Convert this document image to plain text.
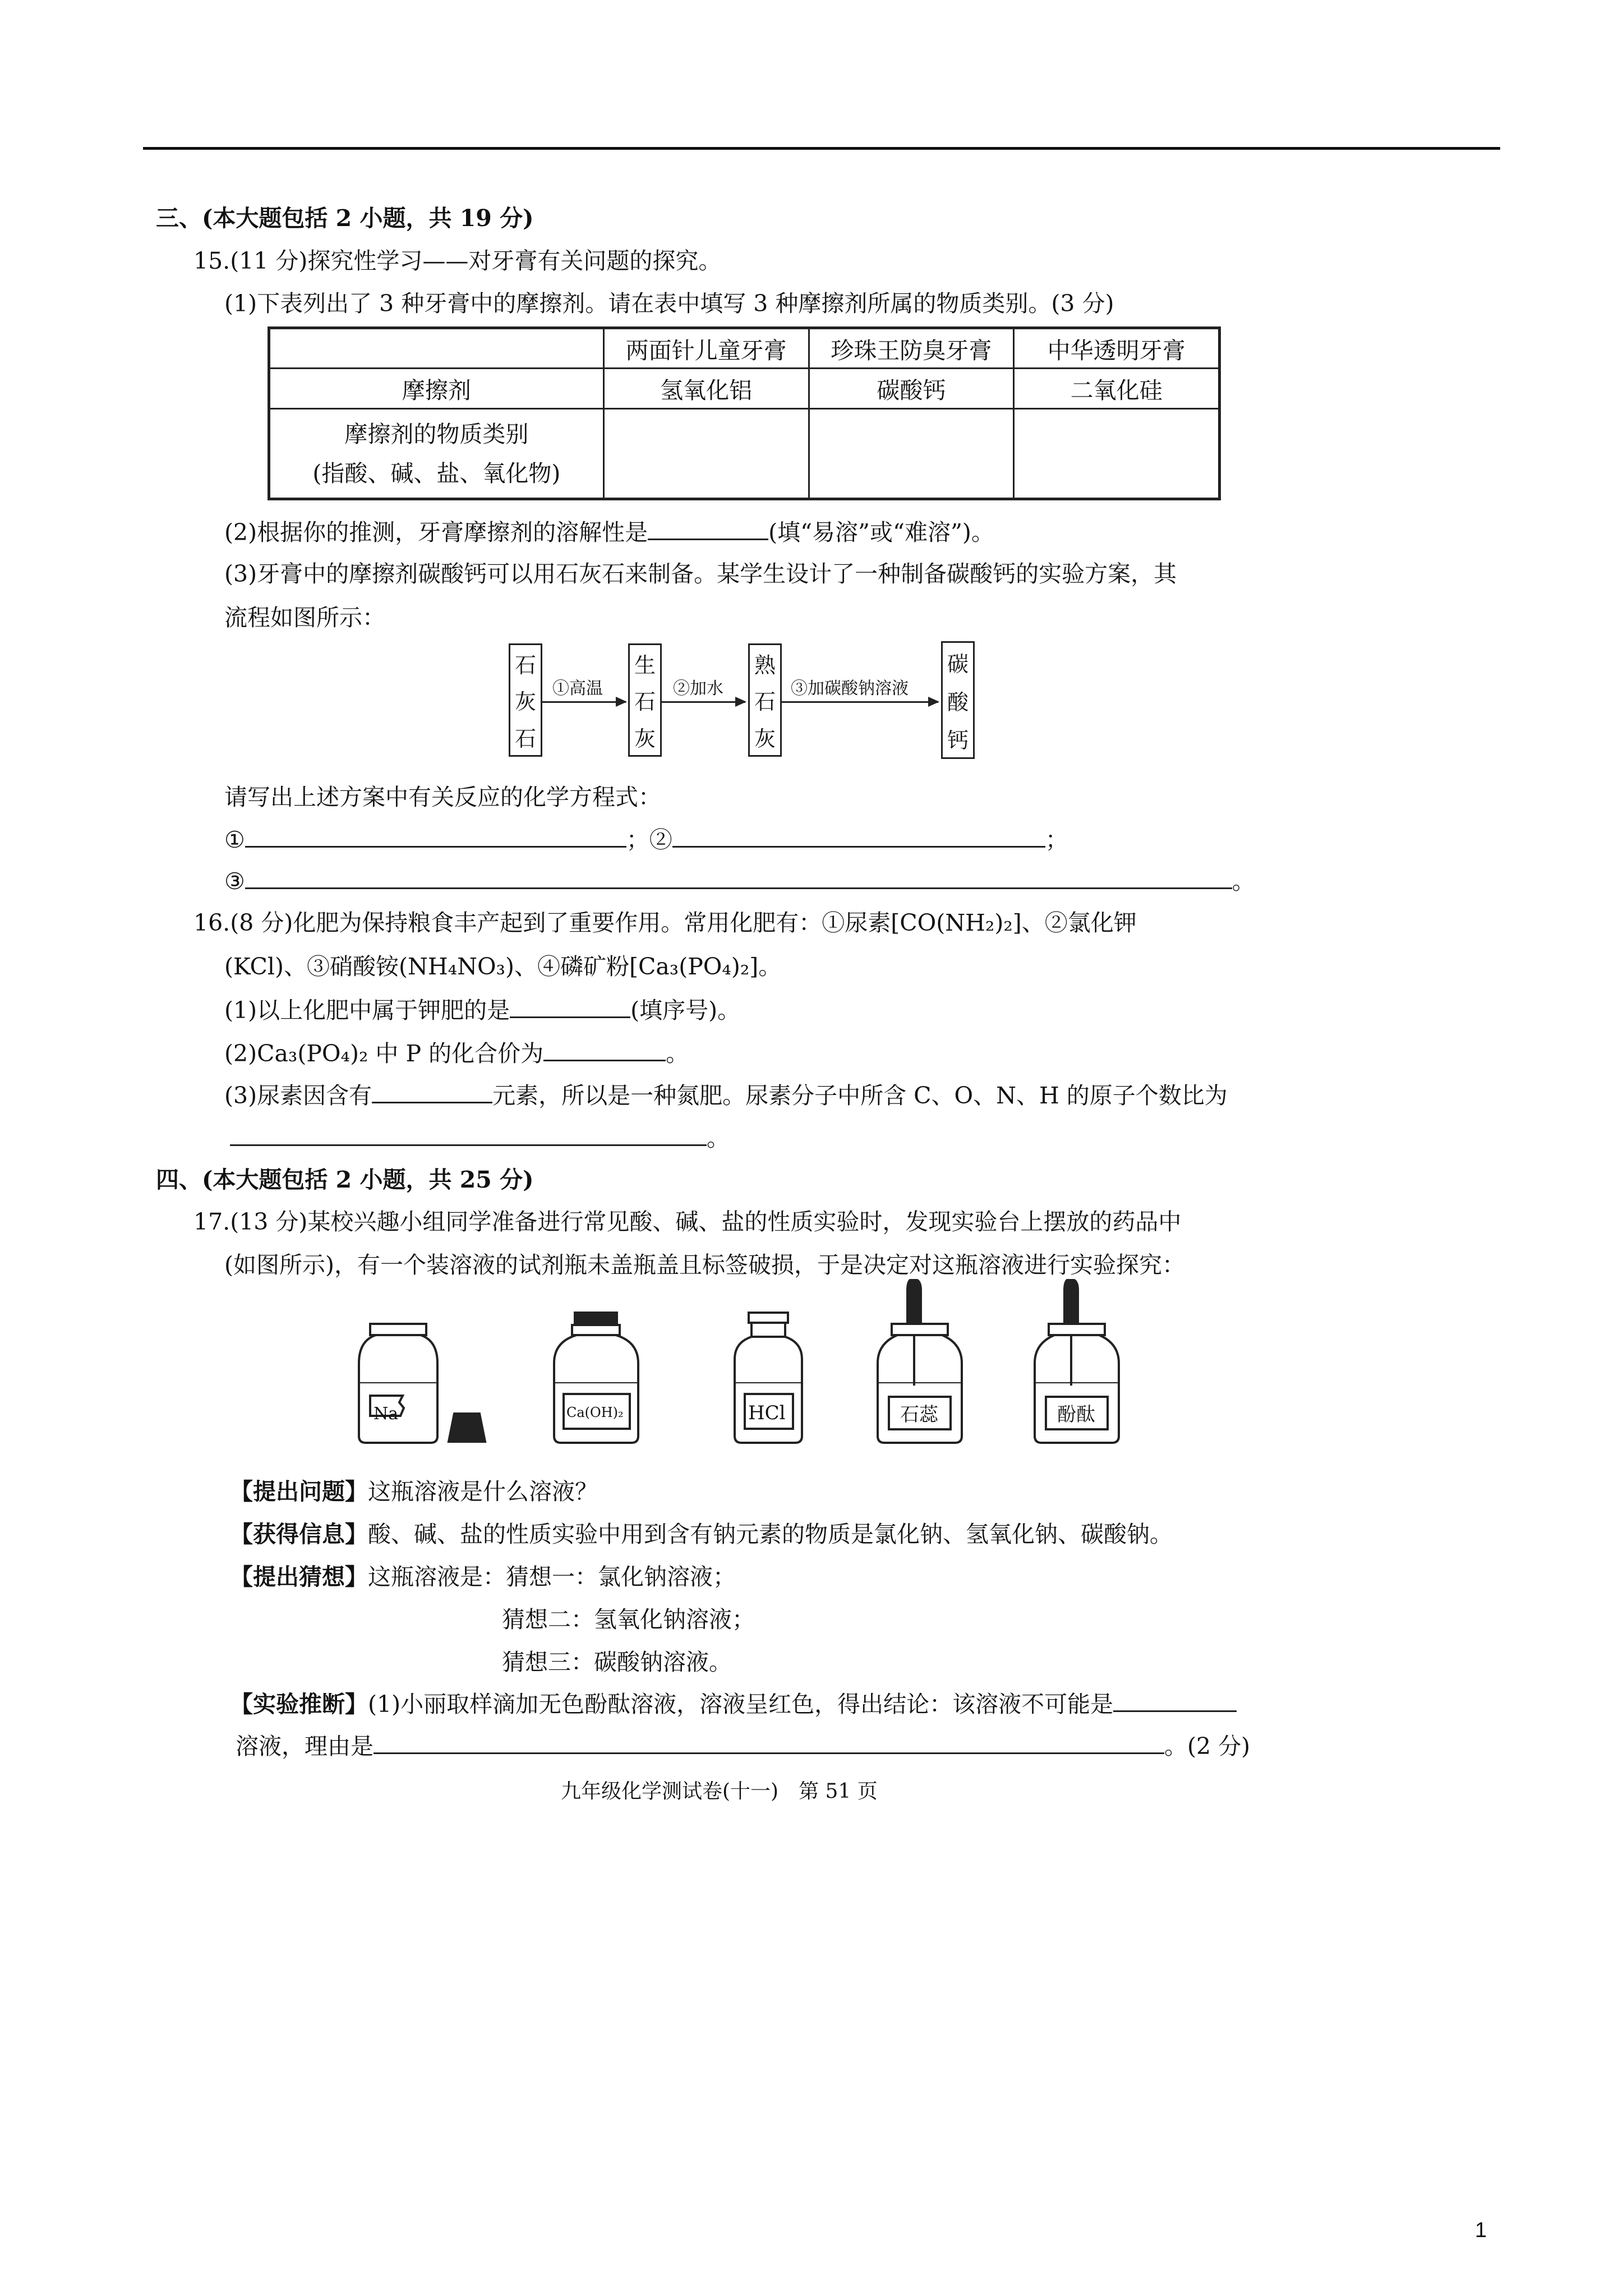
三、(本大题包括 2 小题，共 19 分)
15.(11 分)探究性学习——对牙膏有关问题的探究。
(1)下表列出了 3 种牙膏中的摩擦剂。请在表中填写 3 种摩擦剂所属的物质类别。(3 分)
	两面针儿童牙膏	珍珠王防臭牙膏	中华透明牙膏
摩擦剂	氢氧化铝	碳酸钙	二氧化硅

摩擦剂的物质类别
(指酸、碱、盐、氧化物)			

(2)根据你的推测，牙膏摩擦剂的溶解性是	(填“易溶”或“难溶”)。
(3)牙膏中的摩擦剂碳酸钙可以用石灰石来制备。某学生设计了一种制备碳酸钙的实验方案，其
流程如图所示：
石
灰
石
①高温
生
石
灰
②加水
熟
石
灰
③加碳酸钠溶液
碳
酸
钙
请写出上述方案中有关反应的化学方程式：
①	；②	；
③	。
16.(8 分)化肥为保持粮食丰产起到了重要作用。常用化肥有：①尿素[CO(NH₂)₂]、②氯化钾
(KCl)、③硝酸铵(NH₄NO₃)、④磷矿粉[Ca₃(PO₄)₂]。
(1)以上化肥中属于钾肥的是	(填序号)。
(2)Ca₃(PO₄)₂ 中 P 的化合价为	。
(3)尿素因含有	元素，所以是一种氮肥。尿素分子中所含 C、O、N、H 的原子个数比为
。
四、(本大题包括 2 小题，共 25 分)
17.(13 分)某校兴趣小组同学准备进行常见酸、碱、盐的性质实验时，发现实验台上摆放的药品中
(如图所示)，有一个装溶液的试剂瓶未盖瓶盖且标签破损，于是决定对这瓶溶液进行实验探究：
Na	Ca(OH)₂	HCl	石蕊	酚酞
【提出问题】这瓶溶液是什么溶液？
【获得信息】酸、碱、盐的性质实验中用到含有钠元素的物质是氯化钠、氢氧化钠、碳酸钠。
【提出猜想】这瓶溶液是：猜想一：氯化钠溶液；
猜想二：氢氧化钠溶液；
猜想三：碳酸钠溶液。
【实验推断】(1)小丽取样滴加无色酚酞溶液，溶液呈红色，得出结论：该溶液不可能是
溶液，理由是	。(2 分)
九年级化学测试卷(十一)　第 51 页
1
